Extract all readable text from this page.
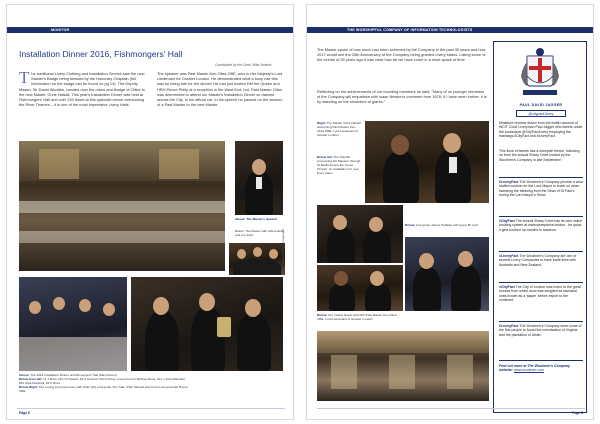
MONITOR
Installation Dinner 2016, Fishmongers' Hall
Contributed by the Clerk, Mike Jenkins
The traditional Livery Clothing and Installation Service saw the new Master's Badge being blessed by the Honorary Chaplain (full information on the badge can be found on pg 14). The Deputy Master, Sir David Wootton, handed over the robes and Badge of Office to the new Master, Chris Halsall. This year's Installation Dinner was held at Fishmongers' Hall and over 220 dined at this splendid venue overlooking the River Thames – it is one of the most impressive Livery Halls.
The speaker was Past Master Ken Olisa OBE, who is Her Majesty's Lord Lieutenant for Greater London. He demonstrated what a busy role this was by being late for the dinner! He had just hosted HM the Queen and HRH Prince Philip at a reception in the West End, but, Past Master Olisa was determined to attend our Master's Installation Dinner so dashed across the City. In his official car. In his speech he passed on the wisdom of a Past Master to the new Master.
Above: The Master's Speech
Below: The Master with wife Felicity and son Felix	Photos: Gerald Sharp Photography
Above: The 2016 Installation Dinner at Fishmongers' Hall (Main Room)
Below from left: Ur J Ross, Mrs S Howard, Mr A Howard, Mrs D Rose, Liveryman Dr Michael Rose, Mrs L Stott-Marshall, Mrs Stott-Marshall, Mr P Buss
Below Right: The Loving Cup Ceremony with (from left) Liveryman Tom Sale, Paul Sandell and Court Liveryman Ed Boyce OBE
Page 6
THE WORSHIPFUL COMPANY OF INFORMATION TECHNOLOGISTS
The Master spoke of how much had been achieved by the Company in the past 30 years and how 2017 would see the 25th Anniversary of the Company being granted Livery status. Listing some of the events of 25 years ago it was clear how far we have come in a short space of time.
Reflecting on the achievements of our founding members he said, "Many of us younger members of the Company will empathise with Isaac Newton's comment from 1676: If I have seen further, it is by standing on the shoulders of giants."
Right: The Master Chris Halsall welcoming Past Master Ken Olisa OBE, Lord Lieutenant of Greater London
Below left: The Sheriffs processing the Masters through St Bartholomew the Great Church, on installation for new livery plans
Below: Liveryman James Hellikan with guest Mr Gell
Below: Our invited Guest with with Past Master Ken Olisa OBE, Lord Lieutenant of Greater London
PAUL DAVID JAGGER
@citypaulJivery
Miniature reviews drawn from the twitter account of WCIT Court Liveryman Paul Jagger who tweets under the soubriquet @CityPaulLivery employing the hashtags #CityFact and #LiveryFact.
This flock of tweets has a sheepish theme, following on from the annual Sheep Drive hosted by the Woolmen's Company in late September!
#LiveryFact The Woolmen's Company provide a wool stuffed cushion for the Lord Mayor to kneel on when swearing the blessing from the Dean of St Paul's during the Lord Mayor's Show.
#CityFact The annual Sheep Drive has its own online booking system at www.sheepdrive.london - be quick, it gets booked up months in advance.
#LiveryFact The Woolmen's Company are one of several Livery Companies to have trade links with Australia and New Zealand.
#CityFact The City of London was home to the great houses from which wool was weighed as standard units known as a 'staple' before export to the continent.
#LiveryFact The Woolmen's Company were some of the first people to found the colonisation of Virginia and the plantation of Ulster.
Find out more at The Woolmen's Company website: www.woolmen.com
Page 8
